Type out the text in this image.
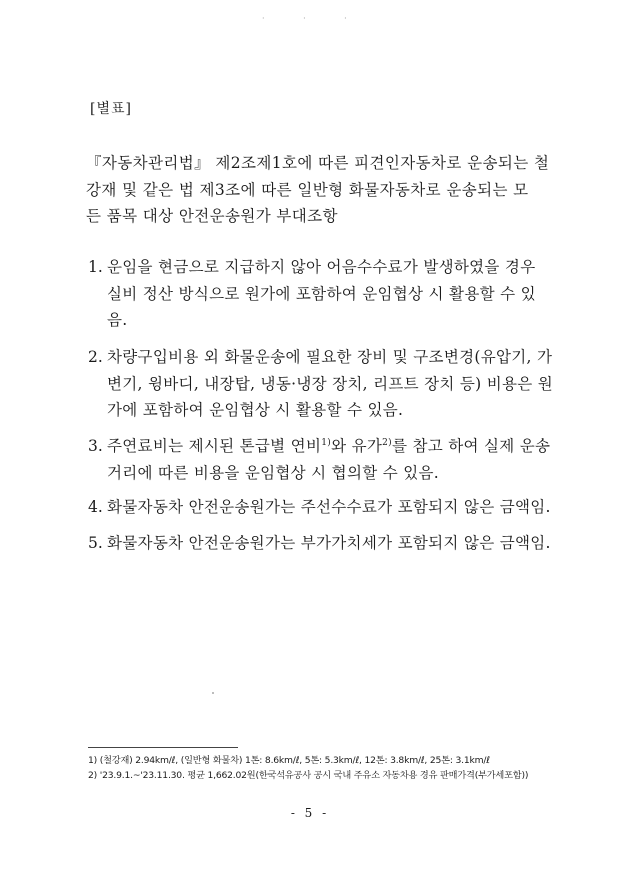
· · ·
[별표]
『자동차관리법』 제2조제1호에 따른 피견인자동차로 운송되는 철
강재 및 같은 법 제3조에 따른 일반형 화물자동차로 운송되는 모
든 품목 대상 안전운송원가 부대조항
1. 운임을 현금으로 지급하지 않아 어음수수료가 발생하였을 경우
실비 정산 방식으로 원가에 포함하여 운임협상 시 활용할 수 있
음.
2. 차량구입비용 외 화물운송에 필요한 장비 및 구조변경(유압기, 가
변기, 윙바디, 내장탑, 냉동·냉장 장치, 리프트 장치 등) 비용은 원
가에 포함하여 운임협상 시 활용할 수 있음.
3. 주연료비는 제시된 톤급별 연비$^{1)}$와 유가$^{2)}$를 참고 하여 실제 운송
거리에 따른 비용을 운임협상 시 협의할 수 있음.
4. 화물자동차 안전운송원가는 주선수수료가 포함되지 않은 금액임.
5. 화물자동차 안전운송원가는 부가가치세가 포함되지 않은 금액임.
1) (철강재) 2.94km/ℓ, (일반형 화물차) 1톤: 8.6km/ℓ, 5톤: 5.3km/ℓ, 12톤: 3.8km/ℓ, 25톤: 3.1km/ℓ
2) '23.9.1.~'23.11.30. 평균 1,662.02원(한국석유공사 공시 국내 주유소 자동차용 경유 판매가격(부가세포함))
- 5 -
